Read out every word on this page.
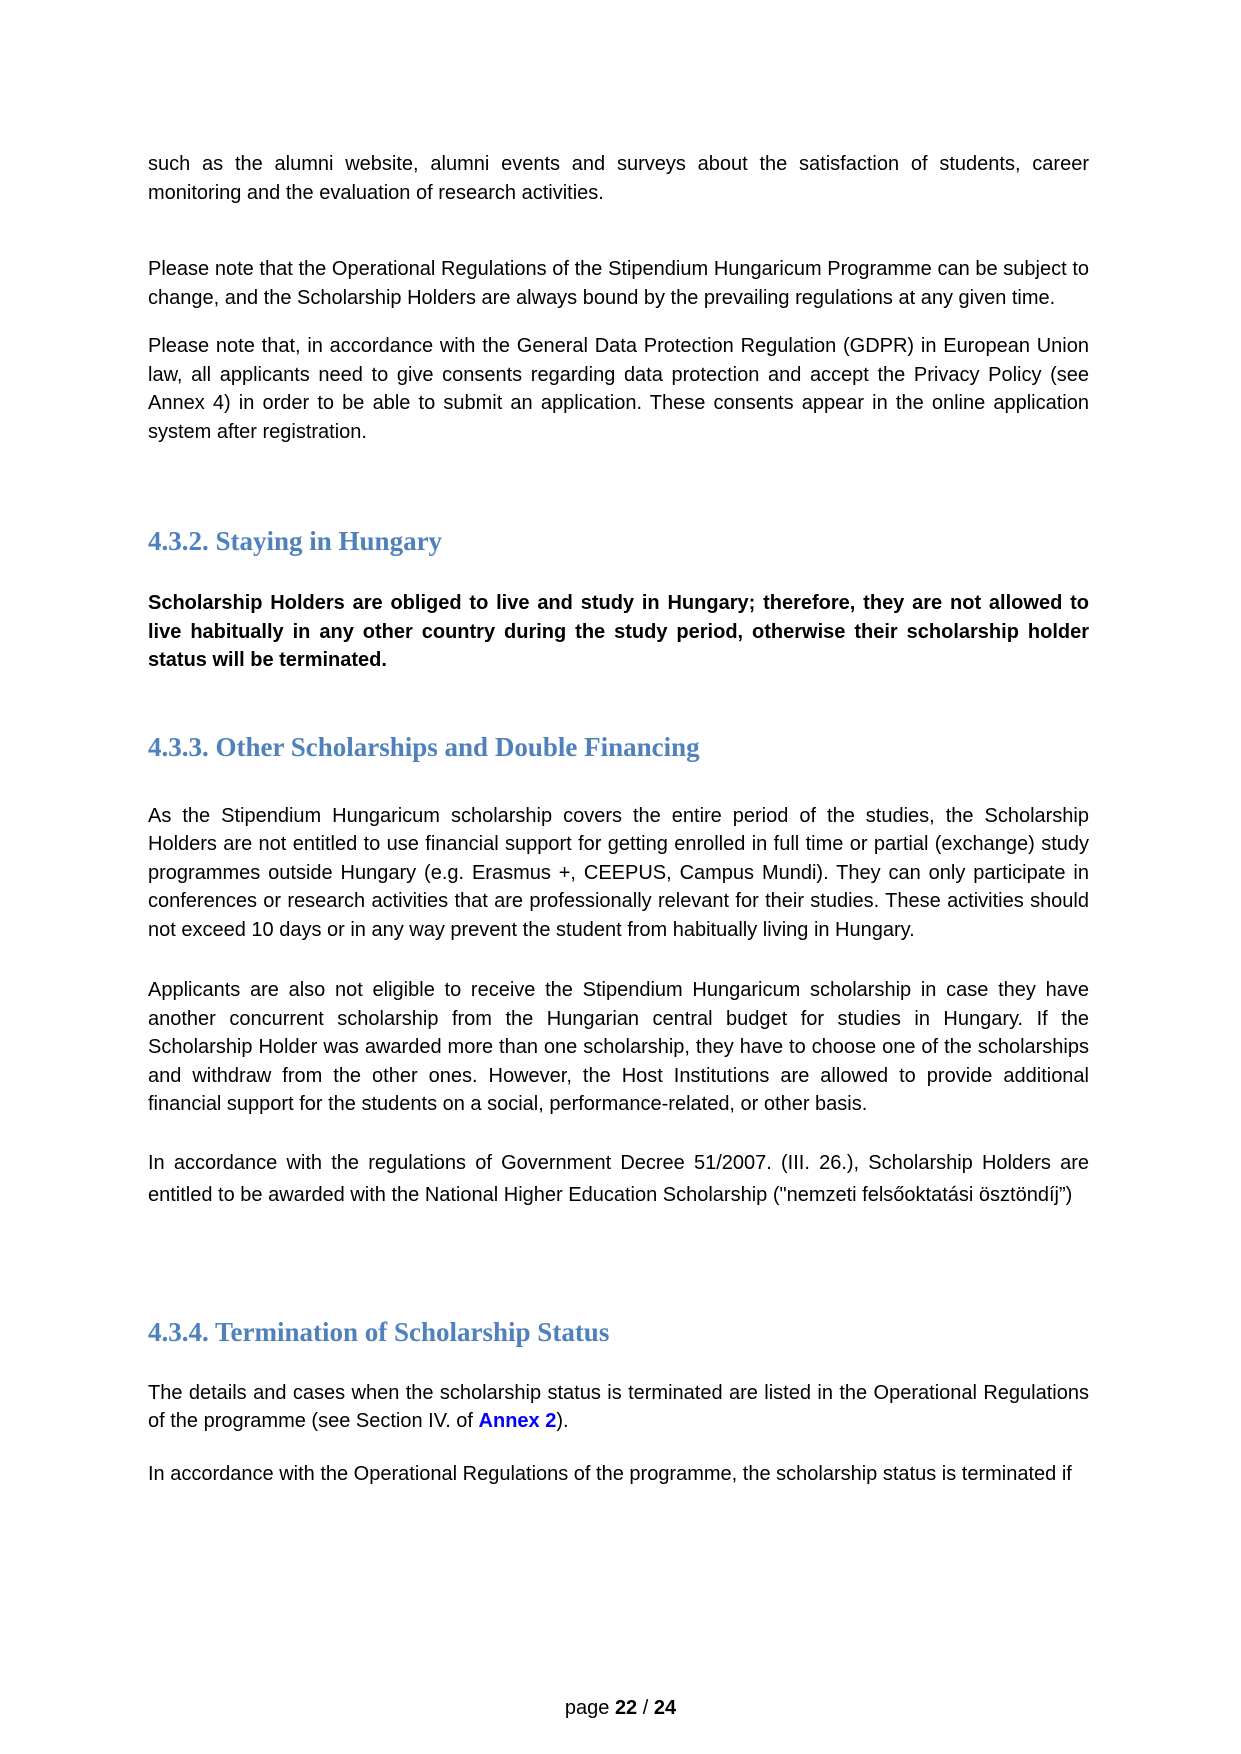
such as the alumni website, alumni events and surveys about the satisfaction of students, career monitoring and the evaluation of research activities.

Please note that the Operational Regulations of the Stipendium Hungaricum Programme can be subject to change, and the Scholarship Holders are always bound by the prevailing regulations at any given time.

Please note that, in accordance with the General Data Protection Regulation (GDPR) in European Union law, all applicants need to give consents regarding data protection and accept the Privacy Policy (see Annex 4) in order to be able to submit an application. These consents appear in the online application system after registration.

4.3.2. Staying in Hungary

Scholarship Holders are obliged to live and study in Hungary; therefore, they are not allowed to live habitually in any other country during the study period, otherwise their scholarship holder status will be terminated.

4.3.3. Other Scholarships and Double Financing

As the Stipendium Hungaricum scholarship covers the entire period of the studies, the Scholarship Holders are not entitled to use financial support for getting enrolled in full time or partial (exchange) study programmes outside Hungary (e.g. Erasmus +, CEEPUS, Campus Mundi). They can only participate in conferences or research activities that are professionally relevant for their studies. These activities should not exceed 10 days or in any way prevent the student from habitually living in Hungary.

Applicants are also not eligible to receive the Stipendium Hungaricum scholarship in case they have another concurrent scholarship from the Hungarian central budget for studies in Hungary. If the Scholarship Holder was awarded more than one scholarship, they have to choose one of the scholarships and withdraw from the other ones. However, the Host Institutions are allowed to provide additional financial support for the students on a social, performance-related, or other basis.

In accordance with the regulations of Government Decree 51/2007. (III. 26.), Scholarship Holders are entitled to be awarded with the National Higher Education Scholarship ("nemzeti felsőoktatási ösztöndíj”)

4.3.4. Termination of Scholarship Status

The details and cases when the scholarship status is terminated are listed in the Operational Regulations of the programme (see Section IV. of Annex 2).

In accordance with the Operational Regulations of the programme, the scholarship status is terminated if

page 22 / 24
